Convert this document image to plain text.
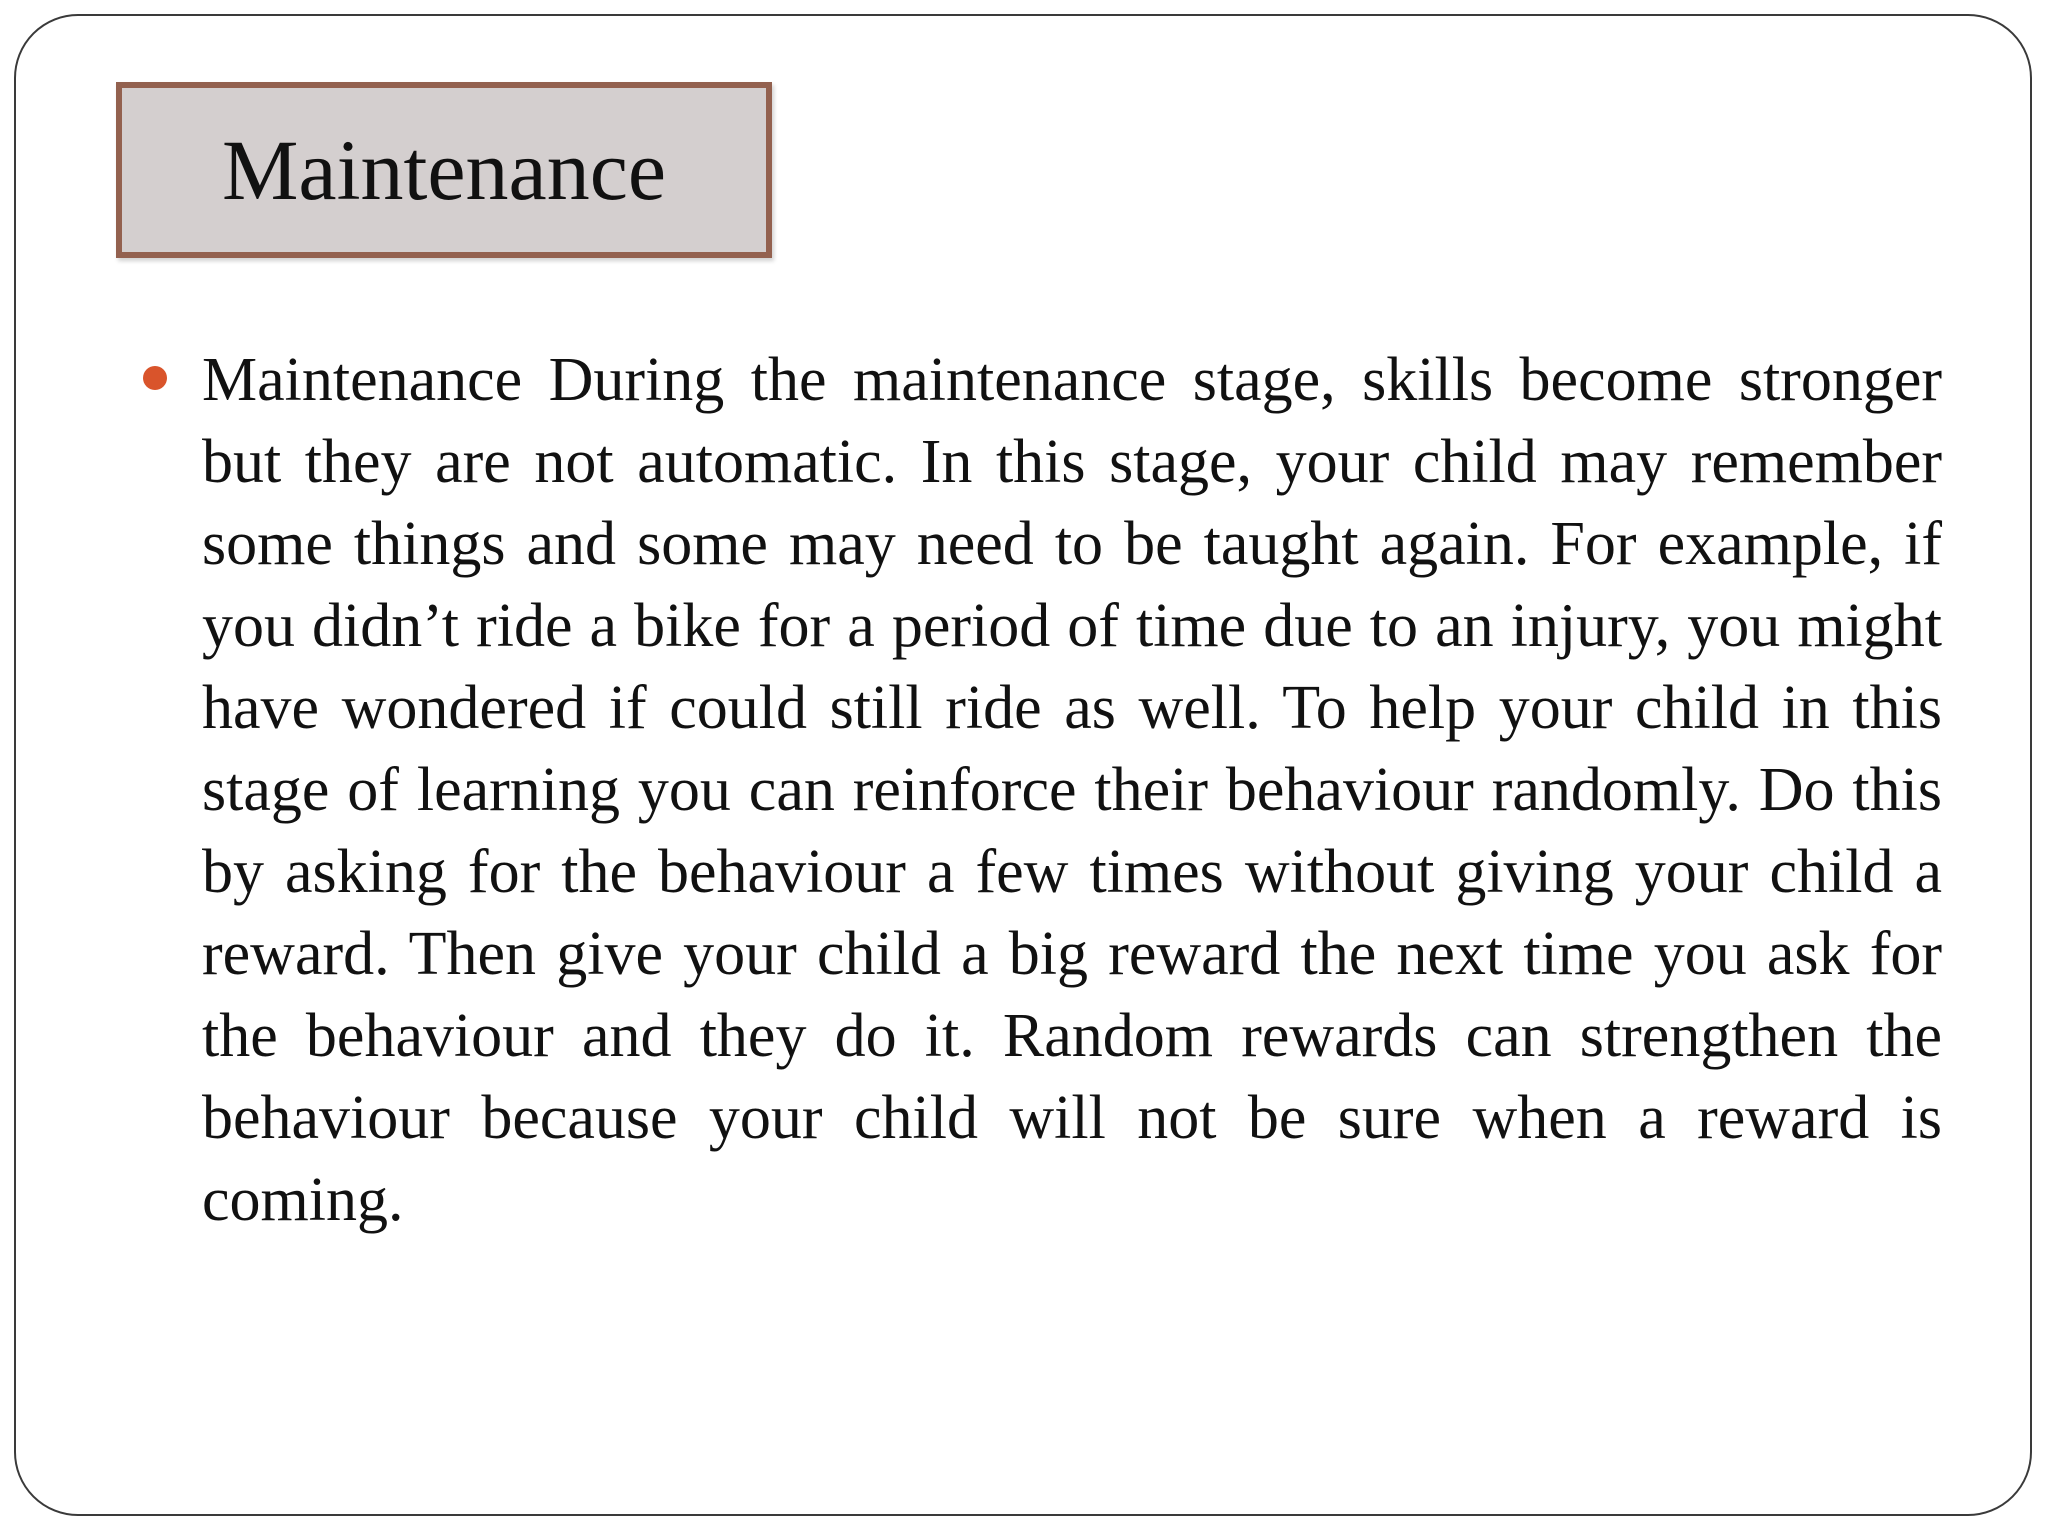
Maintenance

Maintenance During the maintenance stage, skills become stronger but they are not automatic. In this stage, your child may remember some things and some may need to be taught again. For example, if you didn’t ride a bike for a period of time due to an injury, you might have wondered if could still ride as well. To help your child in this stage of learning you can reinforce their behaviour randomly. Do this by asking for the behaviour a few times without giving your child a reward. Then give your child a big reward the next time you ask for the behaviour and they do it. Random rewards can strengthen the behaviour because your child will not be sure when a reward is coming.
